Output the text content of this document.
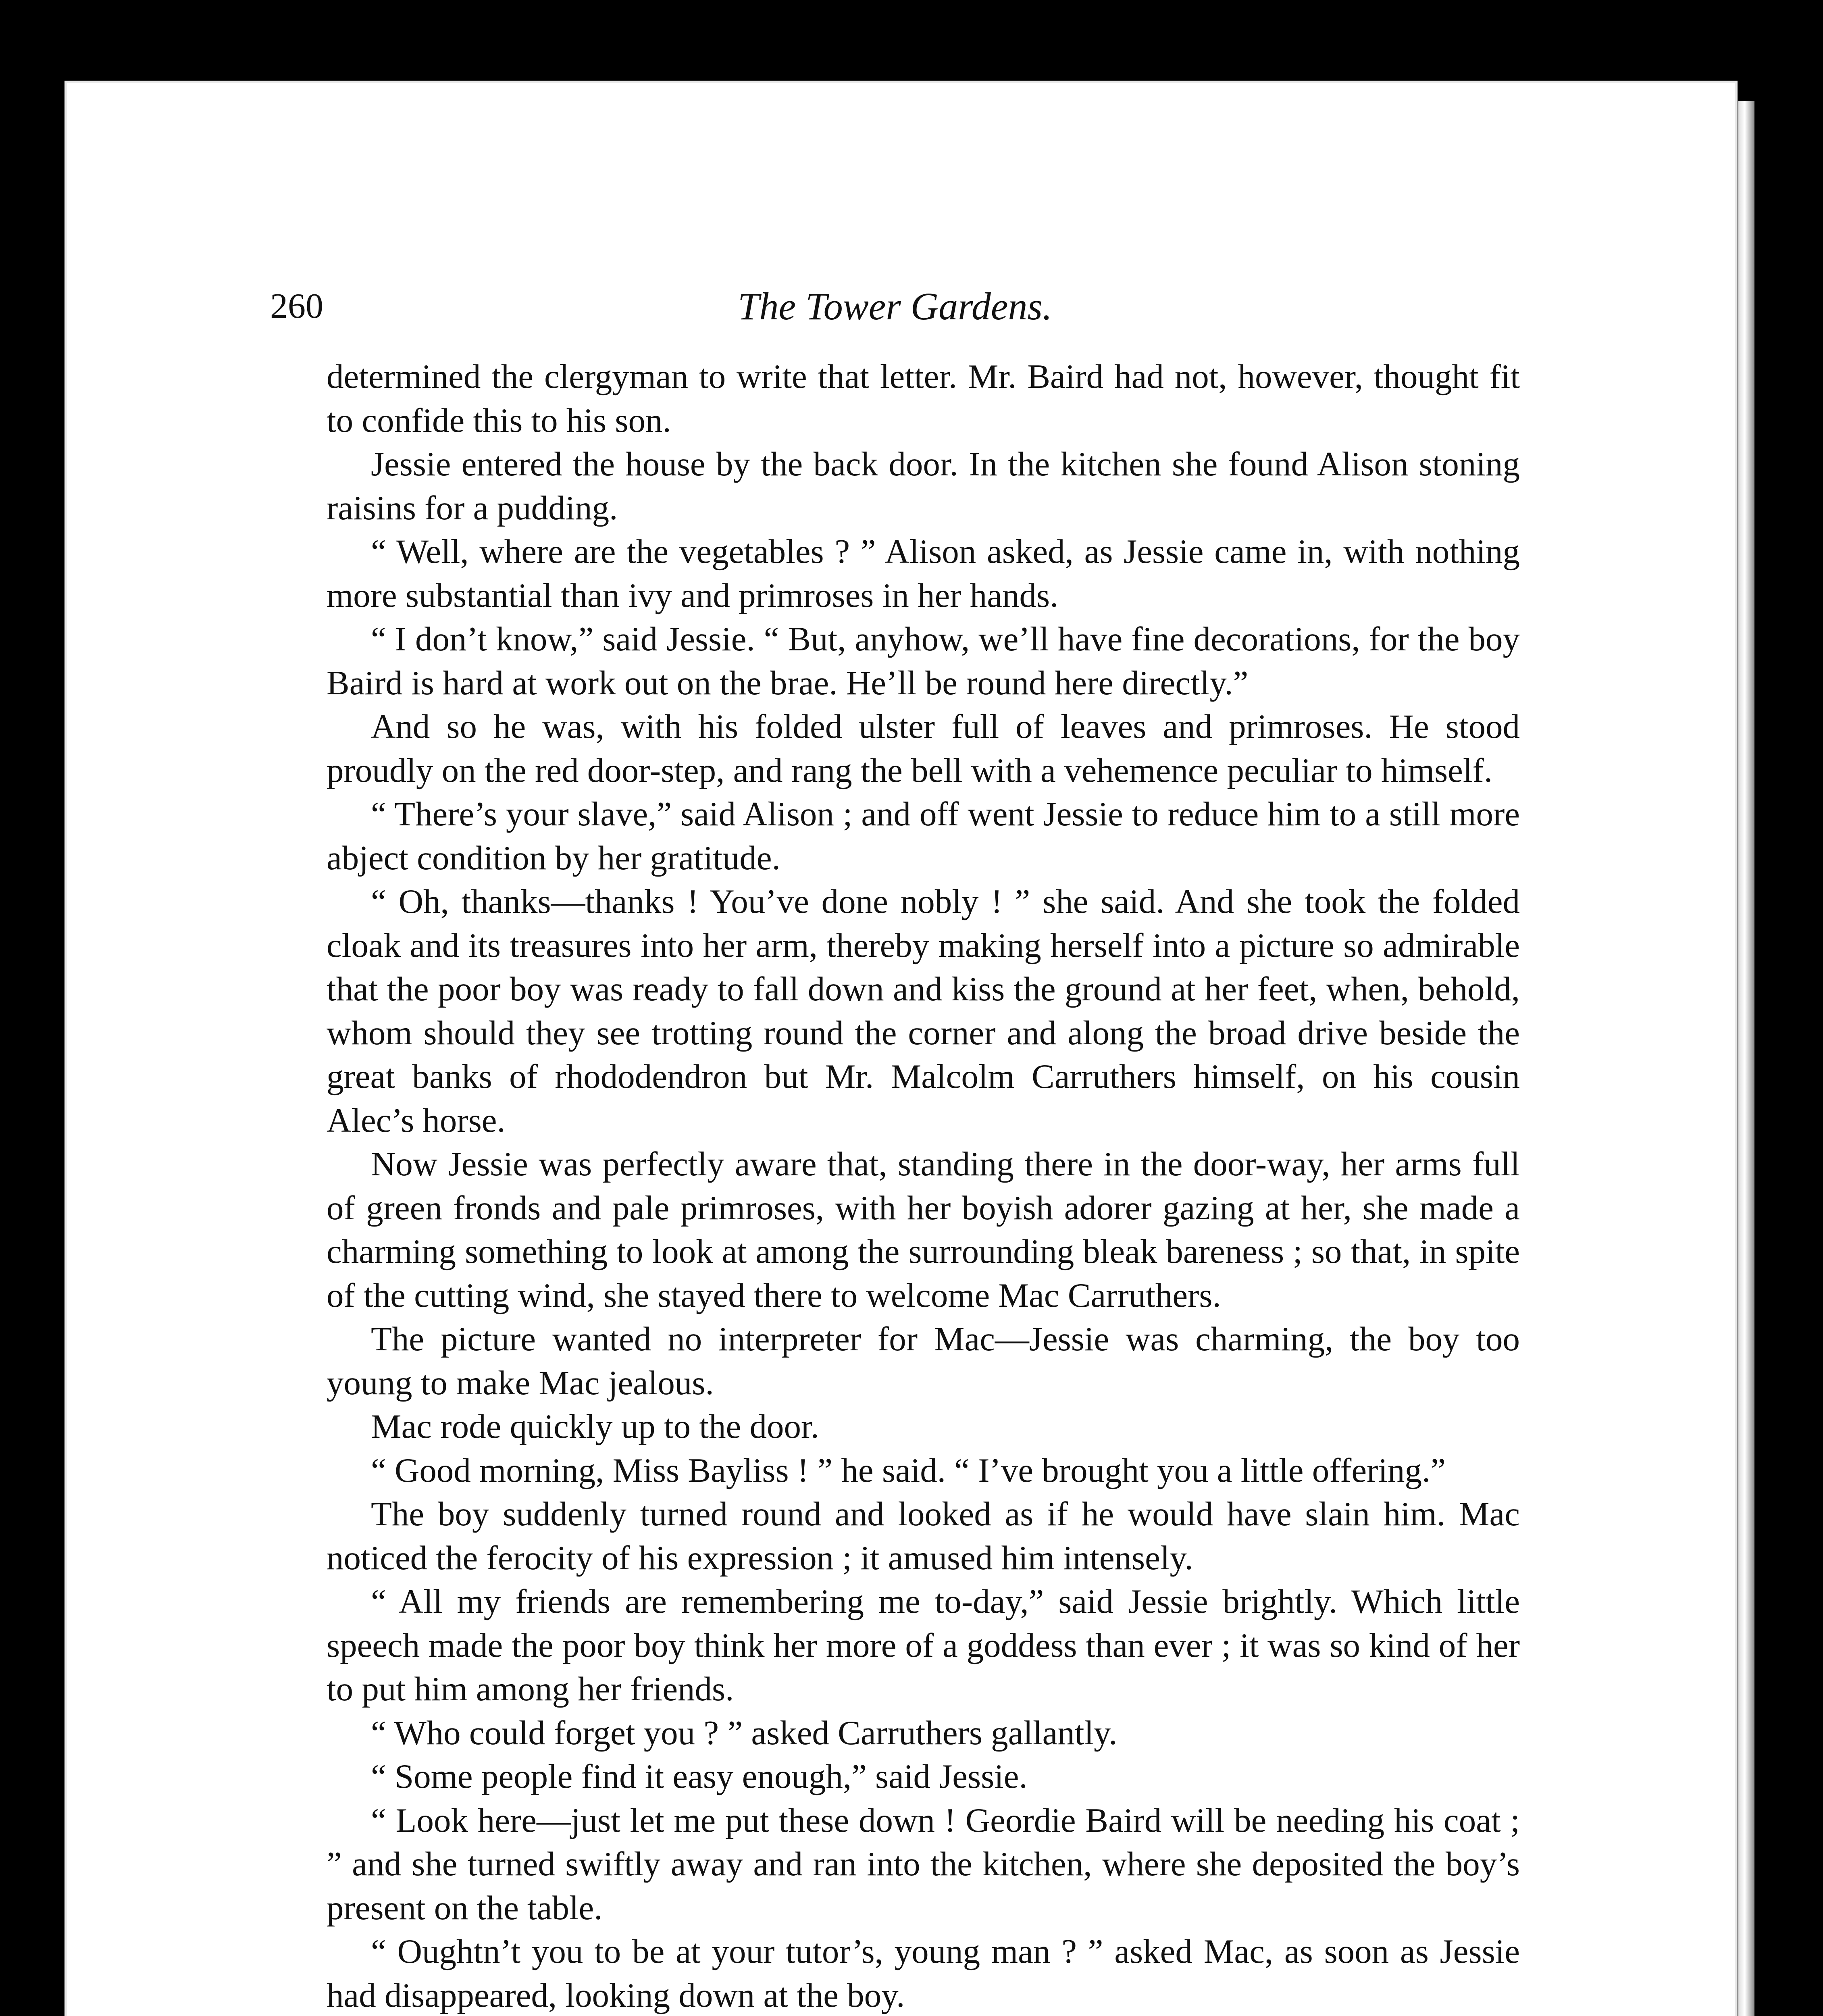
260	The Tower Gardens.

determined the clergyman to write that letter. Mr. Baird had not, however, thought fit to confide this to his son.

Jessie entered the house by the back door. In the kitchen she found Alison stoning raisins for a pudding.

“ Well, where are the vegetables ? ” Alison asked, as Jessie came in, with nothing more substantial than ivy and primroses in her hands.

“ I don’t know,” said Jessie. “ But, anyhow, we’ll have fine decorations, for the boy Baird is hard at work out on the brae. He’ll be round here directly.”

And so he was, with his folded ulster full of leaves and primroses. He stood proudly on the red door-step, and rang the bell with a vehemence peculiar to himself.

“ There’s your slave,” said Alison ; and off went Jessie to reduce him to a still more abject condition by her gratitude.

“ Oh, thanks—thanks ! You’ve done nobly ! ” she said. And she took the folded cloak and its treasures into her arm, thereby making herself into a picture so admirable that the poor boy was ready to fall down and kiss the ground at her feet, when, behold, whom should they see trotting round the corner and along the broad drive beside the great banks of rhododendron but Mr. Malcolm Carruthers himself, on his cousin Alec’s horse.

Now Jessie was perfectly aware that, standing there in the door-way, her arms full of green fronds and pale primroses, with her boyish adorer gazing at her, she made a charming something to look at among the surrounding bleak bareness ; so that, in spite of the cutting wind, she stayed there to welcome Mac Carruthers.

The picture wanted no interpreter for Mac—Jessie was charming, the boy too young to make Mac jealous.

Mac rode quickly up to the door.

“ Good morning, Miss Bayliss ! ” he said. “ I’ve brought you a little offering.”

The boy suddenly turned round and looked as if he would have slain him. Mac noticed the ferocity of his expression ; it amused him intensely.

“ All my friends are remembering me to-day,” said Jessie brightly. Which little speech made the poor boy think her more of a goddess than ever ; it was so kind of her to put him among her friends.

“ Who could forget you ? ” asked Carruthers gallantly.

“ Some people find it easy enough,” said Jessie.

“ Look here—just let me put these down ! Geordie Baird will be needing his coat ; ” and she turned swiftly away and ran into the kitchen, where she deposited the boy’s present on the table.

“ Oughtn’t you to be at your tutor’s, young man ? ” asked Mac, as soon as Jessie had disappeared, looking down at the boy.
